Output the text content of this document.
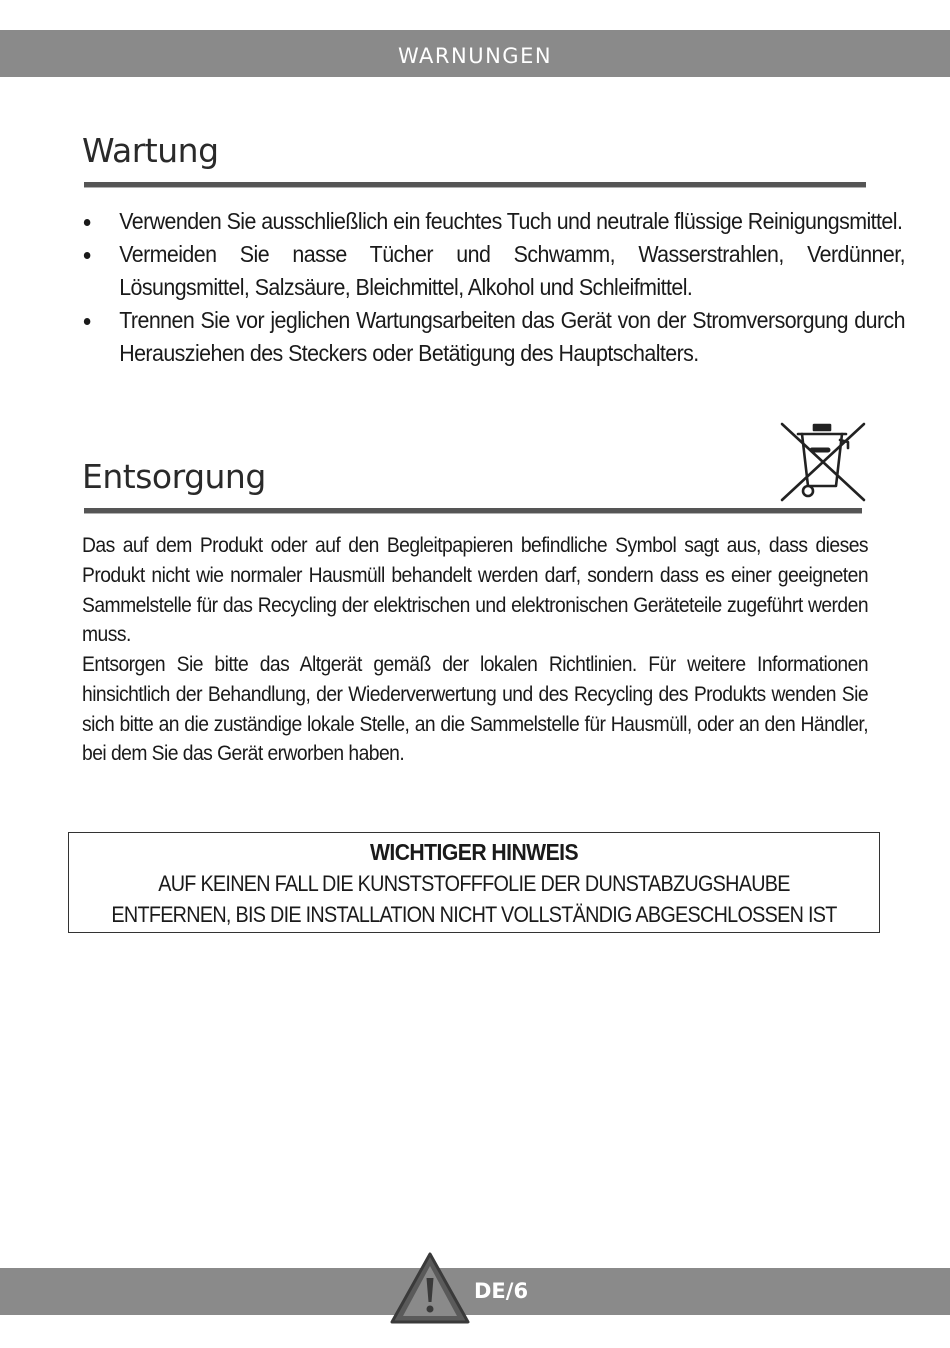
WARNUNGEN
Wartung
Verwenden Sie ausschließlich ein feuchtes Tuch und neutrale flüssige Reinigungsmittel.
Vermeiden Sie nasse Tücher und Schwamm, Wasserstrahlen, Verdünner, Lösungsmittel, Salzsäure, Bleichmittel, Alkohol und Schleifmittel.
Trennen Sie vor jeglichen Wartungsarbeiten das Gerät von der Stromversorgung durch Herausziehen des Steckers oder Betätigung des Hauptschalters.
Entsorgung

Das auf dem Produkt oder auf den Begleitpapieren befindliche Symbol sagt aus, dass dieses Produkt nicht wie normaler Hausmüll behandelt werden darf, sondern dass es einer geeigneten Sammelstelle für das Recycling der elektrischen und elektronischen Geräteteile zugeführt werden muss.

Entsorgen Sie bitte das Altgerät gemäß der lokalen Richtlinien. Für weitere Informationen hinsichtlich der Behandlung, der Wiederverwertung und des Recycling des Produkts wenden Sie sich bitte an die zuständige lokale Stelle, an die Sammelstelle für Hausmüll, oder an den Händler, bei dem Sie das Gerät erworben haben.

WICHTIGER HINWEIS
AUF KEINEN FALL DIE KUNSTSTOFFFOLIE DER DUNSTABZUGSHAUBE
ENTFERNEN, BIS DIE INSTALLATION NICHT VOLLSTÄNDIG ABGESCHLOSSEN IST
DE/6
